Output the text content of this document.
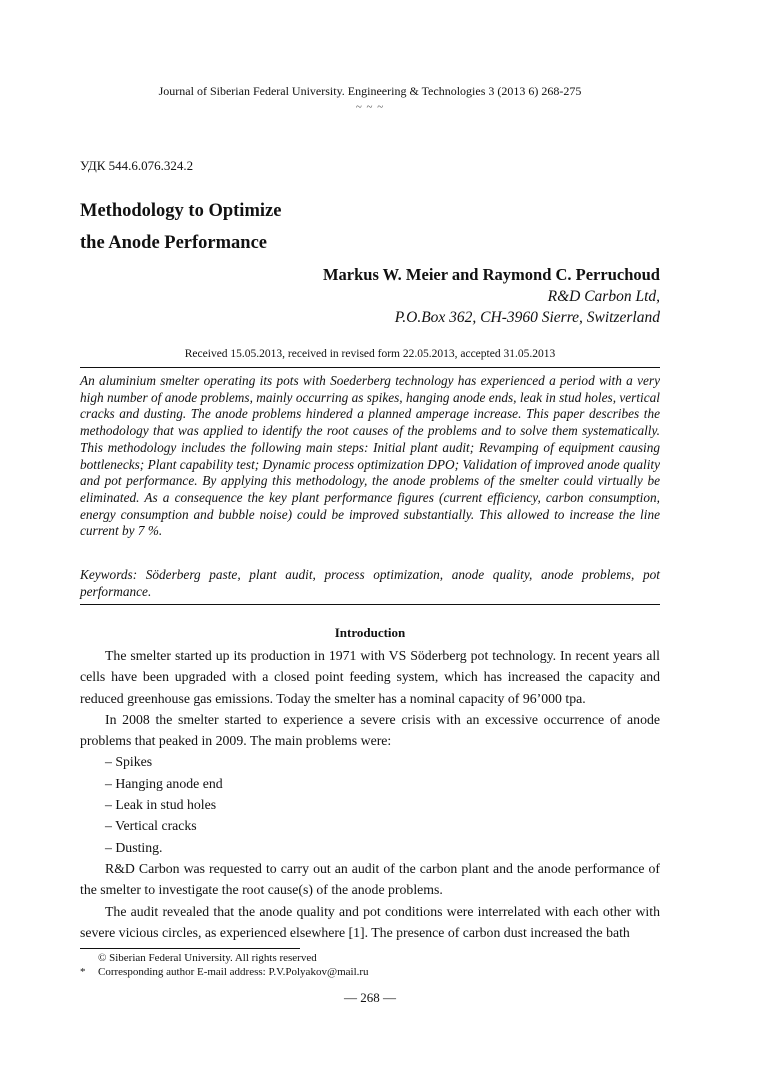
Journal of Siberian Federal University. Engineering & Technologies 3 (2013 6) 268-275
~ ~ ~
УДК 544.6.076.324.2
Methodology to Optimize
the Anode Performance
Markus W. Meier and Raymond C. Perruchoud
R&D Carbon Ltd,
P.O.Box 362, CH-3960 Sierre, Switzerland
Received 15.05.2013, received in revised form 22.05.2013, accepted 31.05.2013

An aluminium smelter operating its pots with Soederberg technology has experienced a period with a very high number of anode problems, mainly occurring as spikes, hanging anode ends, leak in stud holes, vertical cracks and dusting. The anode problems hindered a planned amperage increase. This paper describes the methodology that was applied to identify the root causes of the problems and to solve them systematically. This methodology includes the following main steps: Initial plant audit; Revamping of equipment causing bottlenecks; Plant capability test; Dynamic process optimization DPO; Validation of improved anode quality and pot performance. By applying this methodology, the anode problems of the smelter could virtually be eliminated. As a consequence the key plant performance figures (current efficiency, carbon consumption, energy consumption and bubble noise) could be improved substantially. This allowed to increase the line current by 7 %.

Keywords: Söderberg paste, plant audit, process optimization, anode quality, anode problems, pot performance.
Introduction

The smelter started up its production in 1971 with VS Söderberg pot technology. In recent years all cells have been upgraded with a closed point feeding system, which has increased the capacity and reduced greenhouse gas emissions. Today the smelter has a nominal capacity of 96’000 tpa.

In 2008 the smelter started to experience a severe crisis with an excessive occurrence of anode problems that peaked in 2009. The main problems were:

– Spikes
– Hanging anode end
– Leak in stud holes
– Vertical cracks
– Dusting.

R&D Carbon was requested to carry out an audit of the carbon plant and the anode performance of the smelter to investigate the root cause(s) of the anode problems.

The audit revealed that the anode quality and pot conditions were interrelated with each other with severe vicious circles, as experienced elsewhere [1]. The presence of carbon dust increased the bath

© Siberian Federal University. All rights reserved
* Corresponding author E-mail address: P.V.Polyakov@mail.ru
— 268 —
